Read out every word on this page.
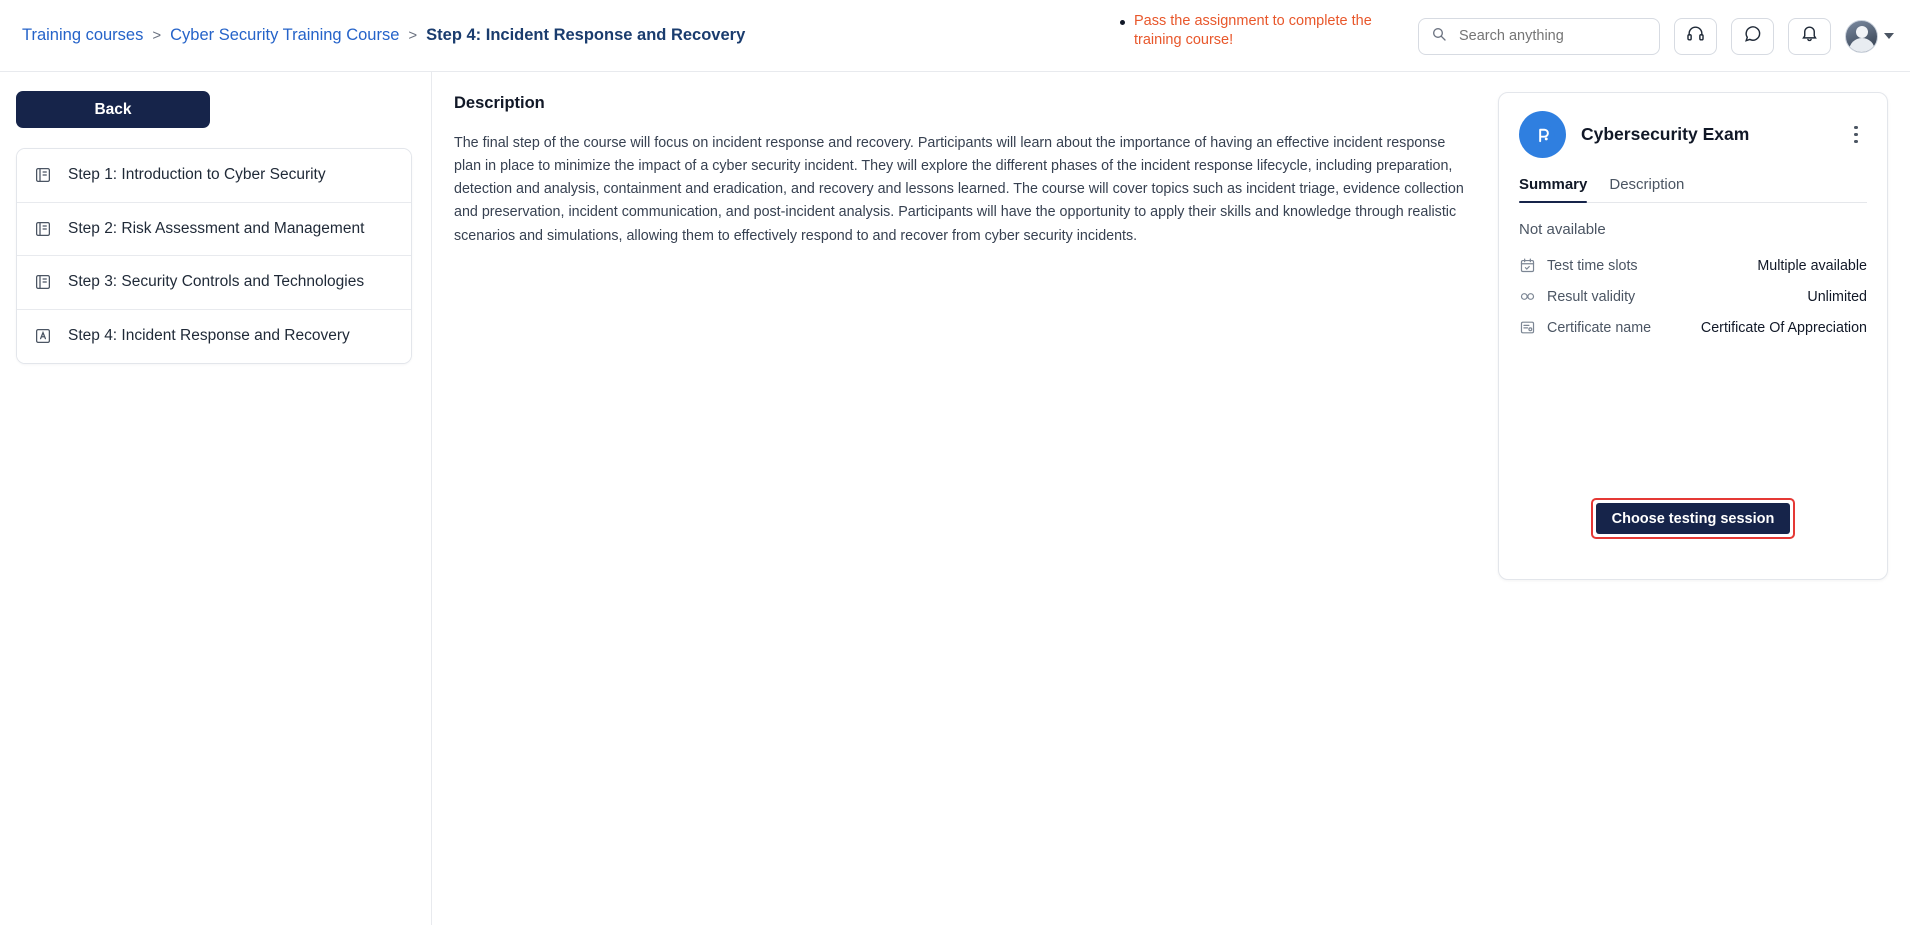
Training courses > Cyber Security Training Course > Step 4: Incident Response and Recovery
Pass the assignment to complete the training course!
Search anything
Back
Step 1: Introduction to Cyber Security
Step 2: Risk Assessment and Management
Step 3: Security Controls and Technologies
Step 4: Incident Response and Recovery
Description
The final step of the course will focus on incident response and recovery. Participants will learn about the importance of having an effective incident response plan in place to minimize the impact of a cyber security incident. They will explore the different phases of the incident response lifecycle, including preparation, detection and analysis, containment and eradication, and recovery and lessons learned. The course will cover topics such as incident triage, evidence collection and preservation, incident communication, and post-incident analysis. Participants will have the opportunity to apply their skills and knowledge through realistic scenarios and simulations, allowing them to effectively respond to and recover from cyber security incidents.
Cybersecurity Exam
Summary Description
Not available
Test time slots	Multiple available
Result validity	Unlimited
Certificate name	Certificate Of Appreciation
Choose testing session
